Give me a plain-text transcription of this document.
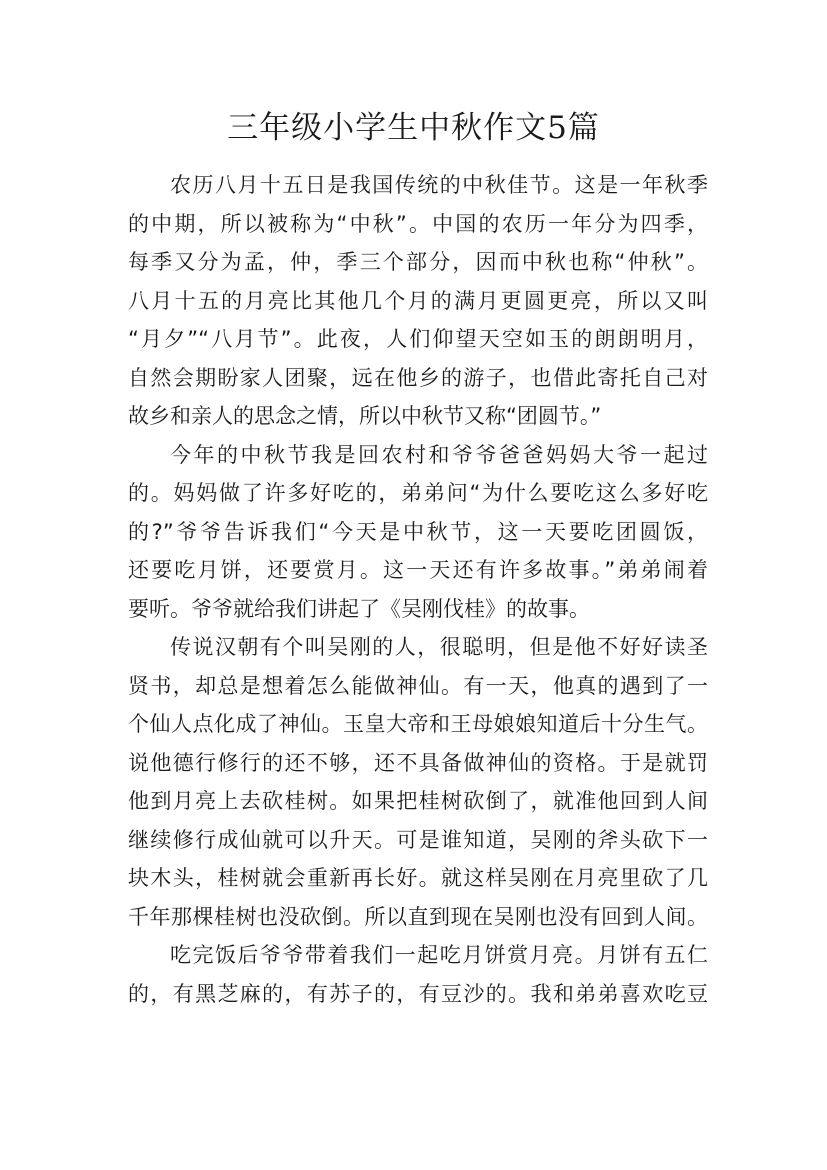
三年级小学生中秋作文5篇
农历八月十五日是我国传统的中秋佳节。这是一年秋季
的中期，所以被称为“中秋”。中国的农历一年分为四季，
每季又分为孟，仲，季三个部分，因而中秋也称“仲秋”。
八月十五的月亮比其他几个月的满月更圆更亮，所以又叫
“月夕”“八月节”。此夜，人们仰望天空如玉的朗朗明月，
自然会期盼家人团聚，远在他乡的游子，也借此寄托自己对
故乡和亲人的思念之情，所以中秋节又称“团圆节。”
今年的中秋节我是回农村和爷爷爸爸妈妈大爷一起过
的。妈妈做了许多好吃的，弟弟问“为什么要吃这么多好吃
的?”爷爷告诉我们“今天是中秋节，这一天要吃团圆饭，
还要吃月饼，还要赏月。这一天还有许多故事。”弟弟闹着
要听。爷爷就给我们讲起了《吴刚伐桂》的故事。
传说汉朝有个叫吴刚的人，很聪明，但是他不好好读圣
贤书，却总是想着怎么能做神仙。有一天，他真的遇到了一
个仙人点化成了神仙。玉皇大帝和王母娘娘知道后十分生气。
说他德行修行的还不够，还不具备做神仙的资格。于是就罚
他到月亮上去砍桂树。如果把桂树砍倒了，就准他回到人间
继续修行成仙就可以升天。可是谁知道，吴刚的斧头砍下一
块木头，桂树就会重新再长好。就这样吴刚在月亮里砍了几
千年那棵桂树也没砍倒。所以直到现在吴刚也没有回到人间。
吃完饭后爷爷带着我们一起吃月饼赏月亮。月饼有五仁
的，有黑芝麻的，有苏子的，有豆沙的。我和弟弟喜欢吃豆
